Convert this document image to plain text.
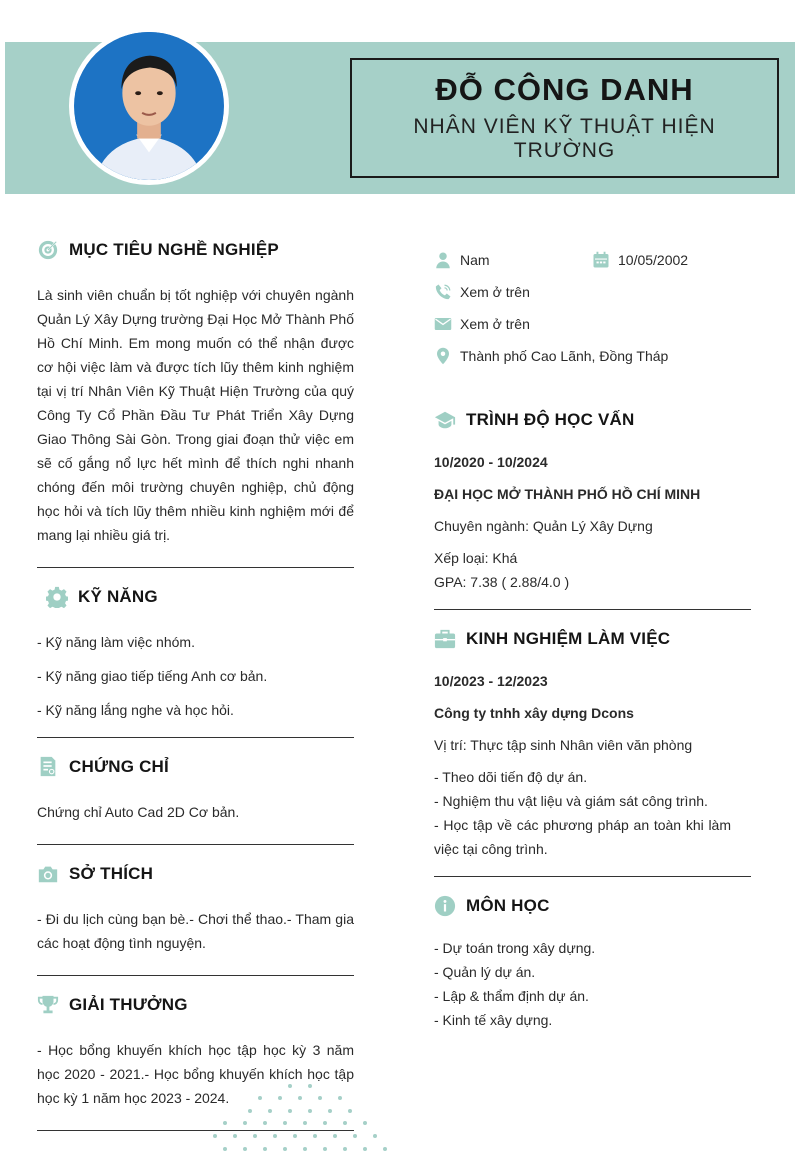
ĐỖ CÔNG DANH
NHÂN VIÊN KỸ THUẬT HIỆN TRƯỜNG
MỤC TIÊU NGHỀ NGHIỆP
Là sinh viên chuẩn bị tốt nghiệp với chuyên ngành Quản Lý Xây Dựng trường Đại Học Mở Thành Phố Hồ Chí Minh. Em mong muốn có thể nhận được cơ hội việc làm và được tích lũy thêm kinh nghiệm tại vị trí Nhân Viên Kỹ Thuật Hiện Trường của quý Công Ty Cổ Phần Đầu Tư Phát Triển Xây Dựng Giao Thông Sài Gòn. Trong giai đoạn thử việc em sẽ cố gắng nổ lực hết mình để thích nghi nhanh chóng đến môi trường chuyên nghiệp, chủ động học hỏi và tích lũy thêm nhiều kinh nghiệm mới để mang lại nhiều giá trị.
KỸ NĂNG
- Kỹ năng làm việc nhóm.
- Kỹ năng giao tiếp tiếng Anh cơ bản.
- Kỹ năng lắng nghe và học hỏi.
CHỨNG CHỈ
Chứng chỉ Auto Cad 2D Cơ bản.
SỞ THÍCH
- Đi du lịch cùng bạn bè.- Chơi thể thao.- Tham gia các hoạt động tình nguyện.
GIẢI THƯỞNG
- Học bổng khuyến khích học tập học kỳ 3 năm học 2020 - 2021.- Học bổng khuyến khích học tập học kỳ 1 năm học 2023 - 2024.
Nam	10/05/2002
Xem ở trên
Xem ở trên
Thành phố Cao Lãnh, Đồng Tháp
TRÌNH ĐỘ HỌC VẤN
10/2020 - 10/2024
ĐẠI HỌC MỞ THÀNH PHỐ HỒ CHÍ MINH
Chuyên ngành: Quản Lý Xây Dựng
Xếp loại: Khá
GPA: 7.38 ( 2.88/4.0 )
KINH NGHIỆM LÀM VIỆC
10/2023 - 12/2023
Công ty tnhh xây dựng Dcons
Vị trí: Thực tập sinh Nhân viên văn phòng
- Theo dõi tiến độ dự án.
- Nghiệm thu vật liệu và giám sát công trình.
- Học tập về các phương pháp an toàn khi làm việc tại công trình.
MÔN HỌC
- Dự toán trong xây dựng.
- Quản lý dự án.
- Lập & thẩm định dự án.
- Kinh tế xây dựng.
